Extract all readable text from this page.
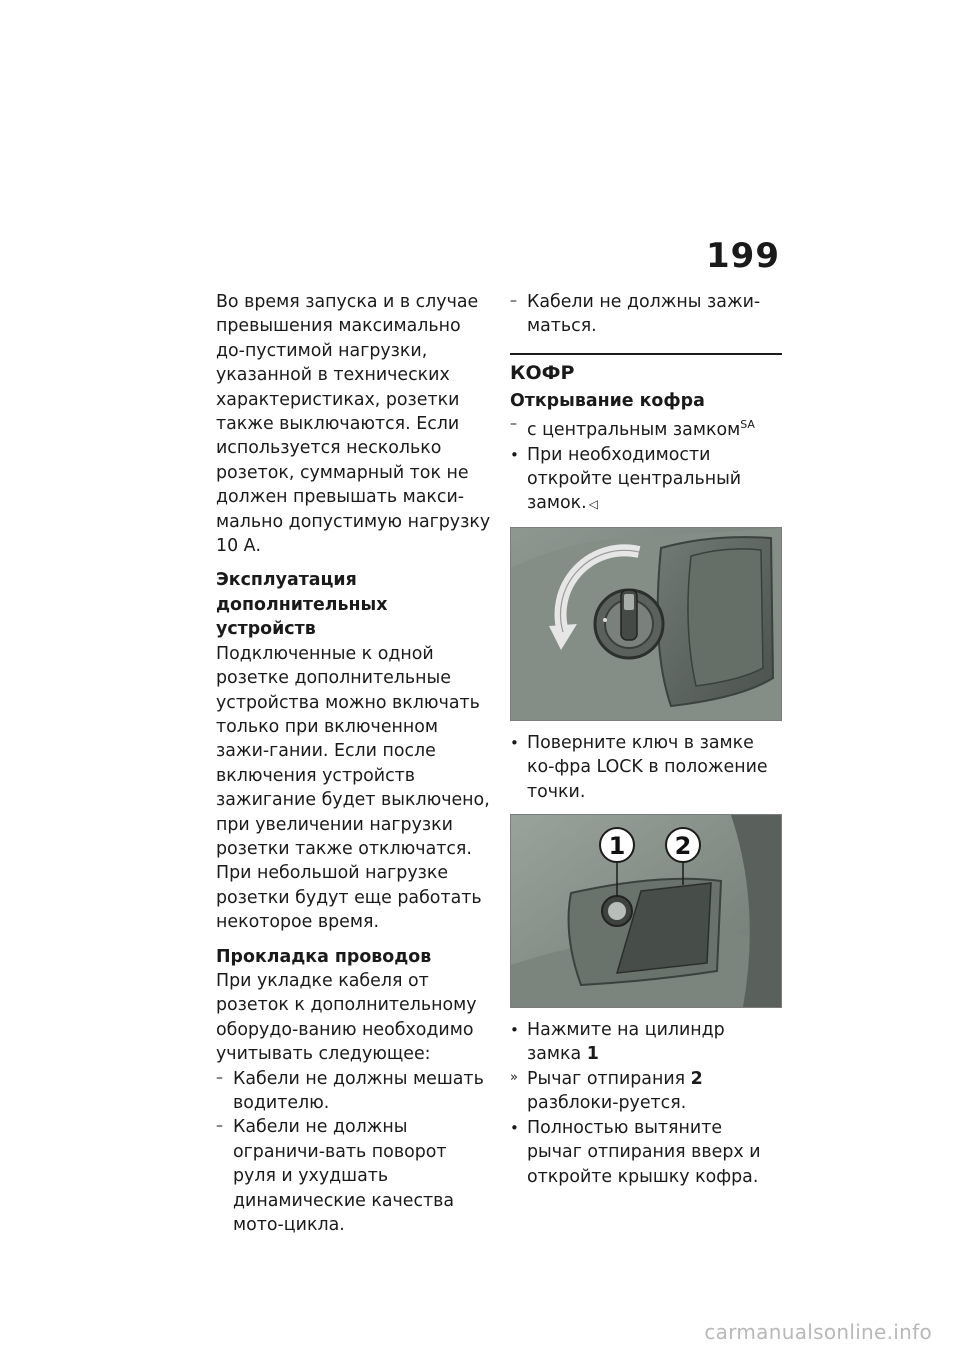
199

Во время запуска и в случае превышения максимально до-пустимой нагрузки, указанной в технических характеристиках, розетки также выключаются. Если используется несколько розеток, суммарный ток не должен превышать макси-мально допустимую нагрузку 10 А.

Эксплуатация дополнительных устройств

Подключенные к одной розетке дополнительные устройства можно включать только при включенном зажи-гании. Если после включения устройств зажигание будет выключено, при увеличении нагрузки розетки также отключатся. При небольшой нагрузке розетки будут еще работать некоторое время.

Прокладка проводов

При укладке кабеля от розеток к дополнительному оборудо-ванию необходимо учитывать следующее:

– Кабели не должны мешать водителю.

– Кабели не должны ограничи-вать поворот руля и ухудшать динамические качества мото-цикла.

– Кабели не должны зажи-маться.

КОФР

Открывание кофра

– с центральным замком$^{SA}$

• При необходимости откройте центральный замок. ◁

• Поверните ключ в замке ко-фра LOCK в положение точки.

1 2

• Нажмите на цилиндр замка 1

» Рычаг отпирания 2 разблоки-руется.

• Полностью вытяните рычаг отпирания вверх и откройте крышку кофра.

carmanualsonline.info
